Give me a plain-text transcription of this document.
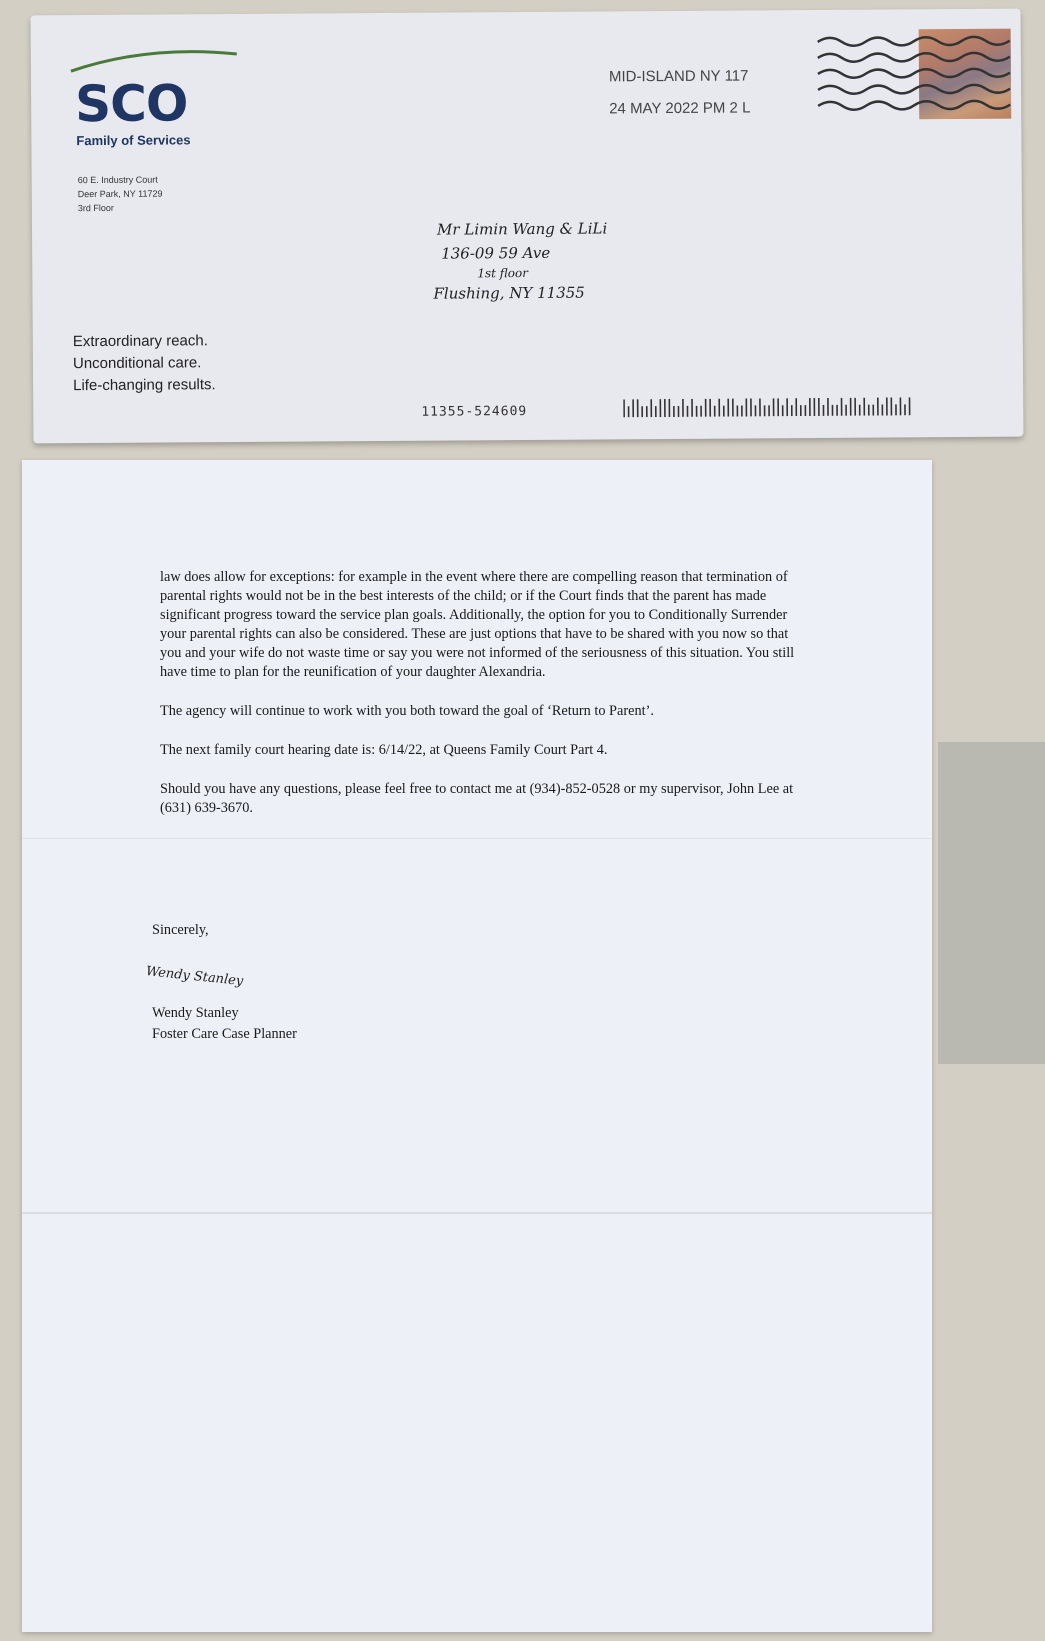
SCO
Family of Services
60 E. Industry Court
Deer Park, NY 11729
3rd Floor
Extraordinary reach.
Unconditional care.
Life-changing results.
MID-ISLAND NY 117
24 MAY 2022 PM 2 L
Mr Limin Wang & LiLi
136-09 59 Ave
1st floor
Flushing, NY 11355
11355-524609

law does allow for exceptions: for example in the event where there are compelling reason that termination of parental rights would not be in the best interests of the child; or if the Court finds that the parent has made significant progress toward the service plan goals. Additionally, the option for you to Conditionally Surrender your parental rights can also be considered. These are just options that have to be shared with you now so that you and your wife do not waste time or say you were not informed of the seriousness of this situation. You still have time to plan for the reunification of your daughter Alexandria.

The agency will continue to work with you both toward the goal of ‘Return to Parent’.

The next family court hearing date is: 6/14/22, at Queens Family Court Part 4.

Should you have any questions, please feel free to contact me at (934)-852-0528 or my supervisor, John Lee at (631) 639-3670.

Sincerely,
Wendy Stanley
Foster Care Case Planner
Wendy Stanley
